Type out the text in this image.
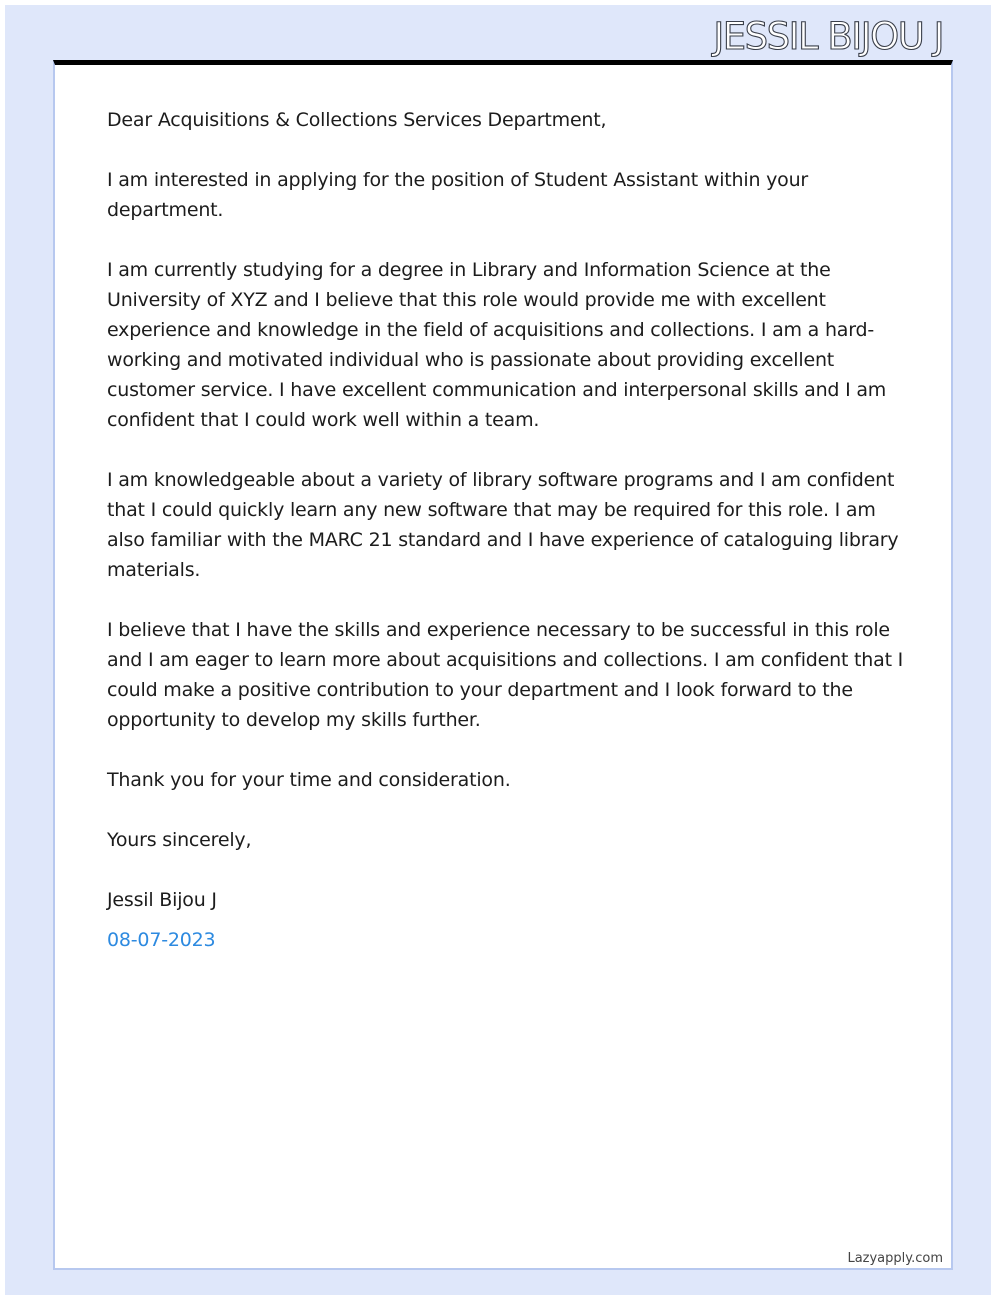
JESSIL BIJOU J

Dear Acquisitions & Collections Services Department,

I am interested in applying for the position of Student Assistant within your department.

I am currently studying for a degree in Library and Information Science at the University of XYZ and I believe that this role would provide me with excellent experience and knowledge in the field of acquisitions and collections. I am a hard-working and motivated individual who is passionate about providing excellent customer service. I have excellent communication and interpersonal skills and I am confident that I could work well within a team.

I am knowledgeable about a variety of library software programs and I am confident that I could quickly learn any new software that may be required for this role. I am also familiar with the MARC 21 standard and I have experience of cataloguing library materials.

I believe that I have the skills and experience necessary to be successful in this role and I am eager to learn more about acquisitions and collections. I am confident that I could make a positive contribution to your department and I look forward to the opportunity to develop my skills further.

Thank you for your time and consideration.

Yours sincerely,

Jessil Bijou J

08-07-2023

Lazyapply.com
